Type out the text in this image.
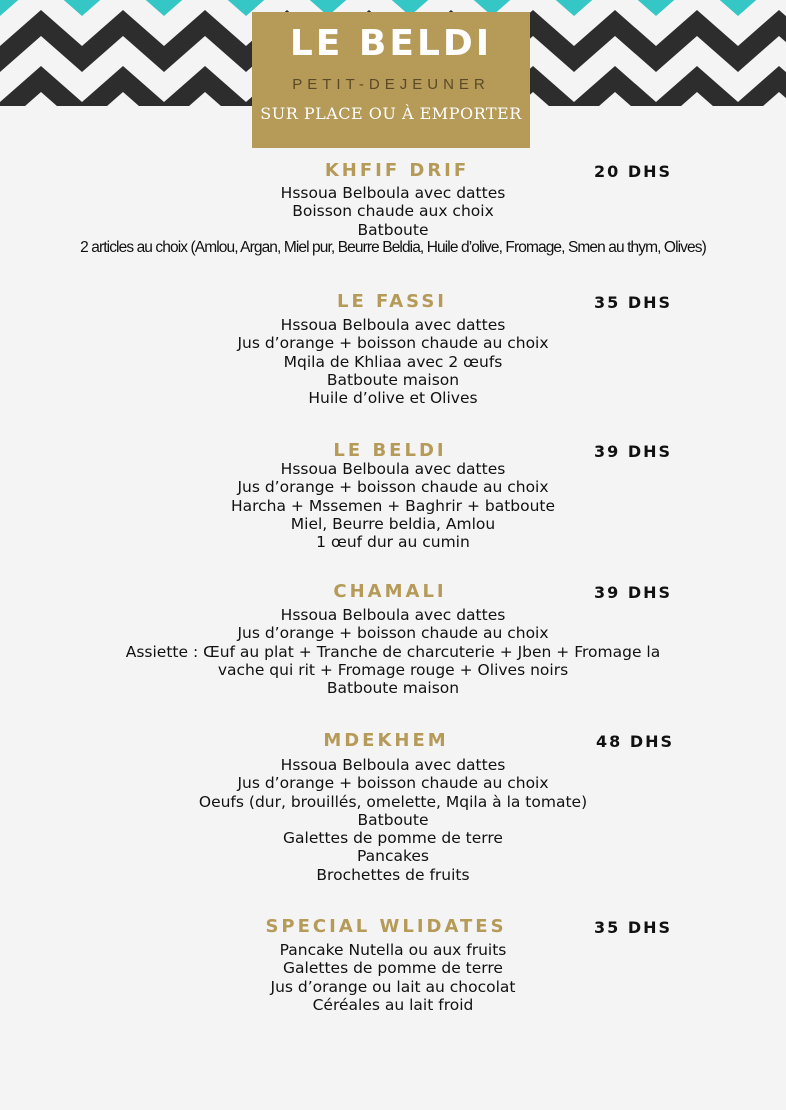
LE BELDI
PETIT-DEJEUNER
SUR PLACE OU À EMPORTER
KHFIF DRIF	20 DHS
Hssoua Belboula avec dattes
Boisson chaude aux choix
Batboute
2 articles au choix (Amlou, Argan, Miel pur, Beurre Beldia, Huile d’olive, Fromage, Smen au thym, Olives)
LE FASSI	35 DHS
Hssoua Belboula avec dattes
Jus d’orange + boisson chaude au choix
Mqila de Khliaa avec 2 œufs
Batboute maison
Huile d’olive et Olives
LE BELDI	39 DHS
Hssoua Belboula avec dattes
Jus d’orange + boisson chaude au choix
Harcha + Mssemen + Baghrir + batboute
Miel, Beurre beldia, Amlou
1 œuf dur au cumin
CHAMALI	39 DHS
Hssoua Belboula avec dattes
Jus d’orange + boisson chaude au choix
Assiette : Œuf au plat + Tranche de charcuterie + Jben + Fromage la vache qui rit + Fromage rouge + Olives noirs
Batboute maison
MDEKHEM	48 DHS
Hssoua Belboula avec dattes
Jus d’orange + boisson chaude au choix
Oeufs (dur, brouillés, omelette, Mqila à la tomate)
Batboute
Galettes de pomme de terre
Pancakes
Brochettes de fruits
SPECIAL WLIDATES	35 DHS
Pancake Nutella ou aux fruits
Galettes de pomme de terre
Jus d’orange ou lait au chocolat
Céréales au lait froid
